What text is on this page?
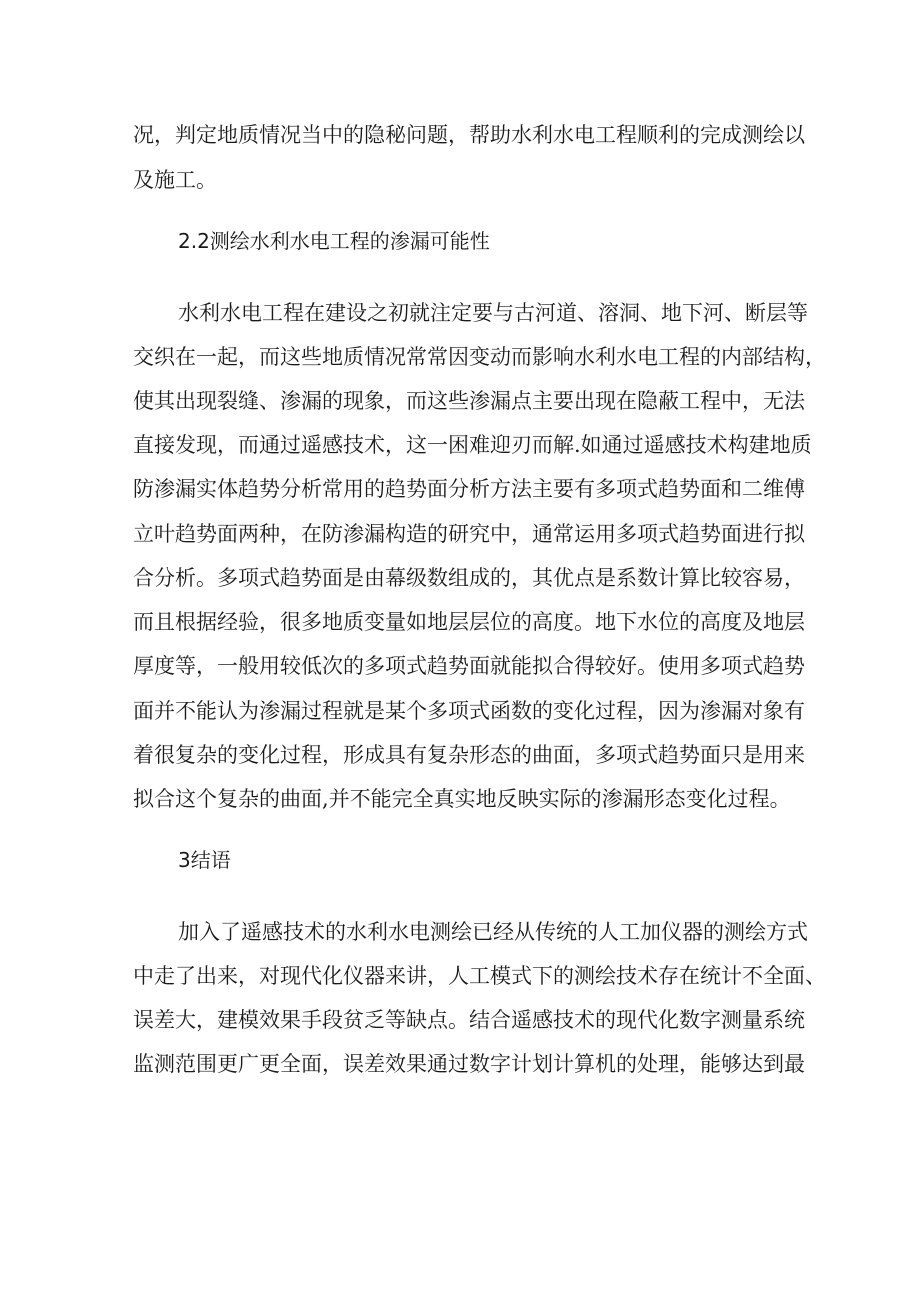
况，判定地质情况当中的隐秘问题，帮助水利水电工程顺利的完成测绘以
及施工。
2.2测绘水利水电工程的渗漏可能性
水利水电工程在建设之初就注定要与古河道、溶洞、地下河、断层等
交织在一起，而这些地质情况常常因变动而影响水利水电工程的内部结构，
使其出现裂缝、渗漏的现象，而这些渗漏点主要出现在隐蔽工程中，无法
直接发现，而通过遥感技术，这一困难迎刃而解.如通过遥感技术构建地质
防渗漏实体趋势分析常用的趋势面分析方法主要有多项式趋势面和二维傅
立叶趋势面两种，在防渗漏构造的研究中，通常运用多项式趋势面进行拟
合分析。多项式趋势面是由幕级数组成的，其优点是系数计算比较容易，
而且根据经验，很多地质变量如地层层位的高度。地下水位的高度及地层
厚度等，一般用较低次的多项式趋势面就能拟合得较好。使用多项式趋势
面并不能认为渗漏过程就是某个多项式函数的变化过程，因为渗漏对象有
着很复杂的变化过程，形成具有复杂形态的曲面，多项式趋势面只是用来
拟合这个复杂的曲面,并不能完全真实地反映实际的渗漏形态变化过程。
3结语
加入了遥感技术的水利水电测绘已经从传统的人工加仪器的测绘方式
中走了出来，对现代化仪器来讲，人工模式下的测绘技术存在统计不全面、
误差大，建模效果手段贫乏等缺点。结合遥感技术的现代化数字测量系统
监测范围更广更全面，误差效果通过数字计划计算机的处理，能够达到最
